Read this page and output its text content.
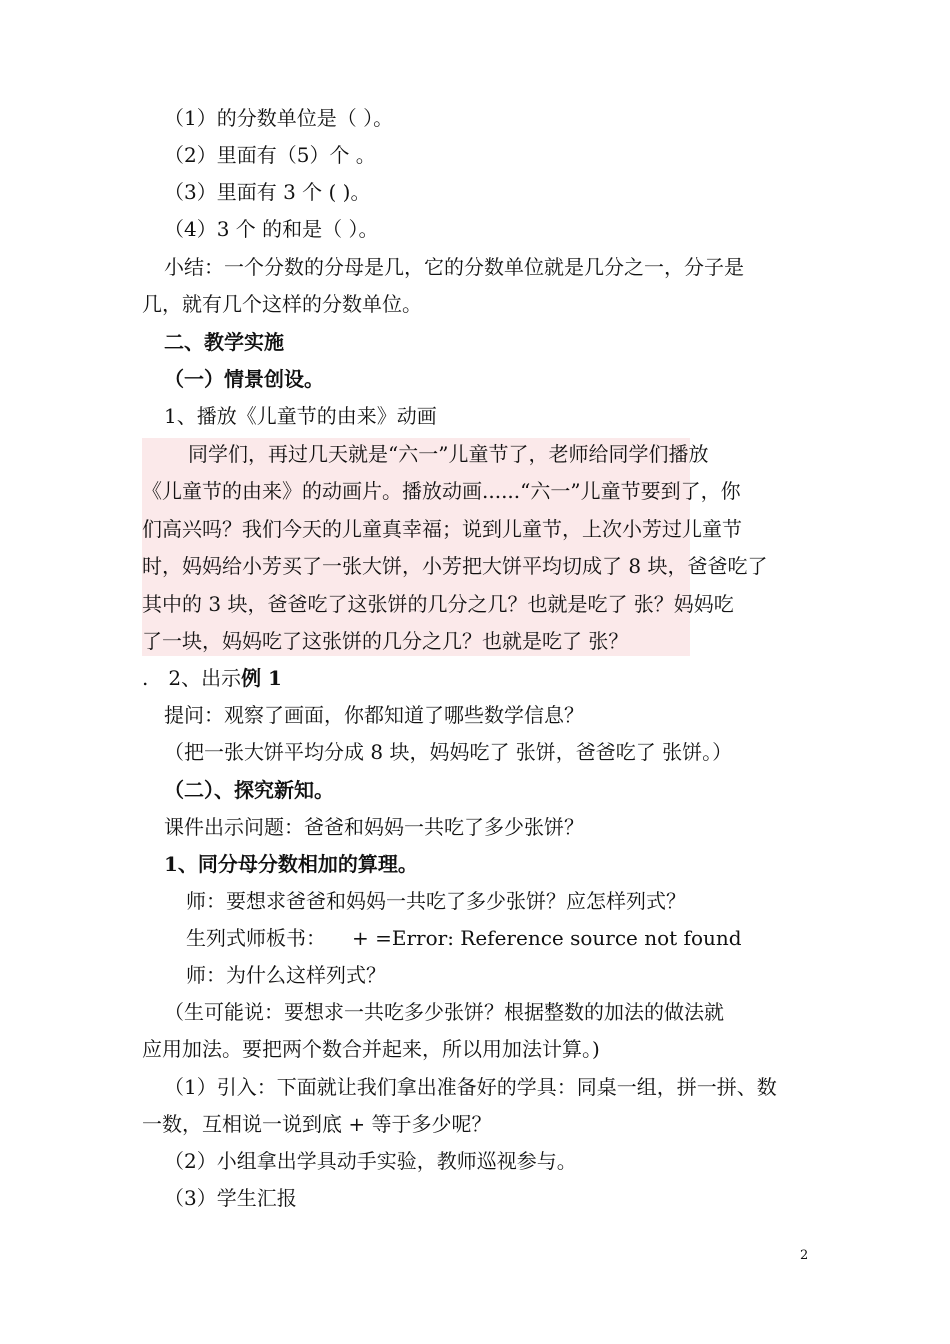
（1）的分数单位是（ ）。
（2）里面有（5）个 。
（3）里面有 3 个 ( )。
（4）3 个 的和是（ ）。
小结：一个分数的分母是几，它的分数单位就是几分之一，分子是
几，就有几个这样的分数单位。
二、教学实施
（一）情景创设。
1、播放《儿童节的由来》动画
同学们，再过几天就是“六一”儿童节了，老师给同学们播放
《儿童节的由来》的动画片。播放动画......“六一”儿童节要到了，你
们高兴吗？我们今天的儿童真幸福；说到儿童节，上次小芳过儿童节
时，妈妈给小芳买了一张大饼，小芳把大饼平均切成了 8 块，爸爸吃了
其中的 3 块，爸爸吃了这张饼的几分之几？也就是吃了 张？妈妈吃
了一块，妈妈吃了这张饼的几分之几？也就是吃了 张？
. 2、出示例 1
提问：观察了画面，你都知道了哪些数学信息？
（把一张大饼平均分成 8 块，妈妈吃了 张饼，爸爸吃了 张饼。）
（二）、探究新知。
课件出示问题：爸爸和妈妈一共吃了多少张饼？
1、同分母分数相加的算理。
师：要想求爸爸和妈妈一共吃了多少张饼？应怎样列式？
生列式师板书： + =Error: Reference source not found
师：为什么这样列式？
（生可能说：要想求一共吃多少张饼？根据整数的加法的做法就
应用加法。要把两个数合并起来，所以用加法计算。)
（1）引入：下面就让我们拿出准备好的学具：同桌一组，拼一拼、数
一数，互相说一说到底 + 等于多少呢？
（2）小组拿出学具动手实验，教师巡视参与。
（3）学生汇报
2
